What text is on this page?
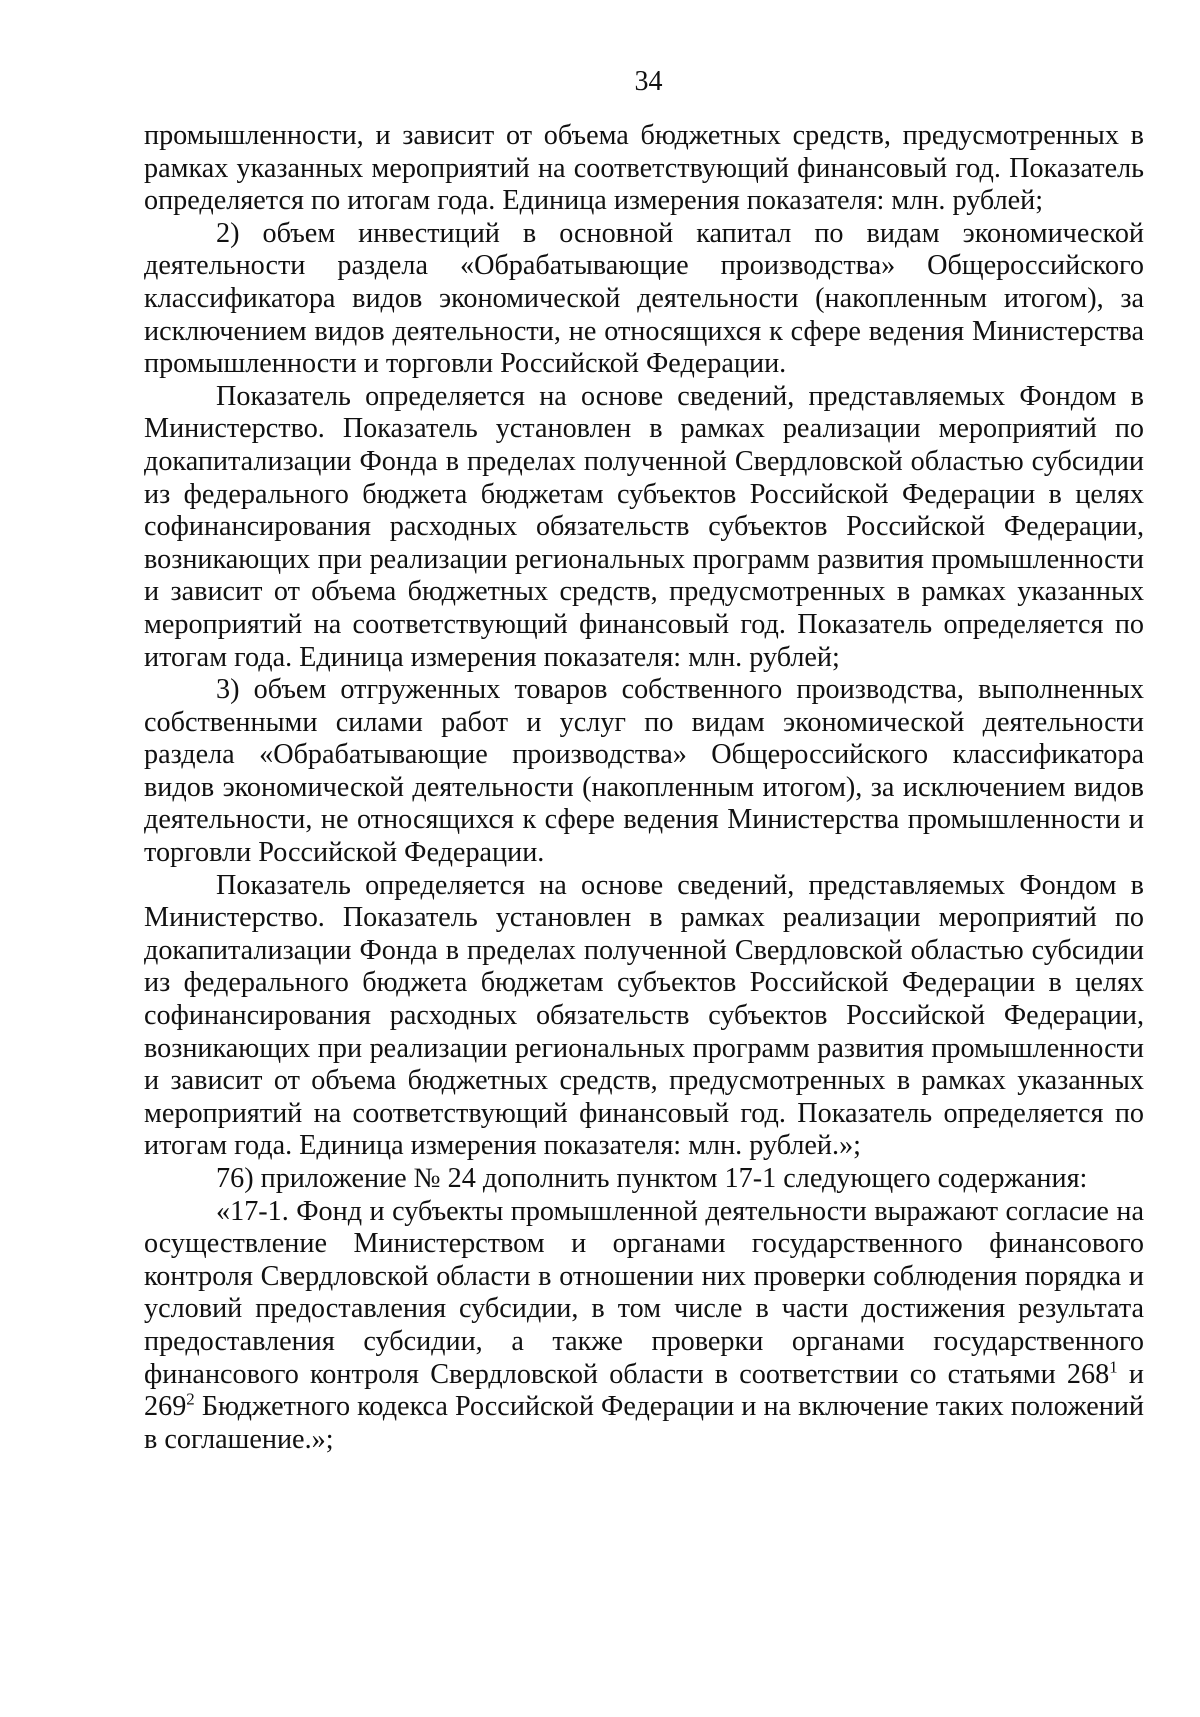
34

промышленности, и зависит от объема бюджетных средств, предусмотренных в рамках указанных мероприятий на соответствующий финансовый год. Показатель определяется по итогам года. Единица измерения показателя: млн. рублей;

2) объем инвестиций в основной капитал по видам экономической деятельности раздела «Обрабатывающие производства» Общероссийского классификатора видов экономической деятельности (накопленным итогом), за исключением видов деятельности, не относящихся к сфере ведения Министерства промышленности и торговли Российской Федерации.

Показатель определяется на основе сведений, представляемых Фондом в Министерство. Показатель установлен в рамках реализации мероприятий по докапитализации Фонда в пределах полученной Свердловской областью субсидии из федерального бюджета бюджетам субъектов Российской Федерации в целях софинансирования расходных обязательств субъектов Российской Федерации, возникающих при реализации региональных программ развития промышленности и зависит от объема бюджетных средств, предусмотренных в рамках указанных мероприятий на соответствующий финансовый год. Показатель определяется по итогам года. Единица измерения показателя: млн. рублей;

3) объем отгруженных товаров собственного производства, выполненных собственными силами работ и услуг по видам экономической деятельности раздела «Обрабатывающие производства» Общероссийского классификатора видов экономической деятельности (накопленным итогом), за исключением видов деятельности, не относящихся к сфере ведения Министерства промышленности и торговли Российской Федерации.

Показатель определяется на основе сведений, представляемых Фондом в Министерство. Показатель установлен в рамках реализации мероприятий по докапитализации Фонда в пределах полученной Свердловской областью субсидии из федерального бюджета бюджетам субъектов Российской Федерации в целях софинансирования расходных обязательств субъектов Российской Федерации, возникающих при реализации региональных программ развития промышленности и зависит от объема бюджетных средств, предусмотренных в рамках указанных мероприятий на соответствующий финансовый год. Показатель определяется по итогам года. Единица измерения показателя: млн. рублей.»;

76) приложение № 24 дополнить пунктом 17-1 следующего содержания:

«17-1. Фонд и субъекты промышленной деятельности выражают согласие на осуществление Министерством и органами государственного финансового контроля Свердловской области в отношении них проверки соблюдения порядка и условий предоставления субсидии, в том числе в части достижения результата предоставления субсидии, а также проверки органами государственного финансового контроля Свердловской области в соответствии со статьями $268^1$ и $269^2$ Бюджетного кодекса Российской Федерации и на включение таких положений в соглашение.»;
